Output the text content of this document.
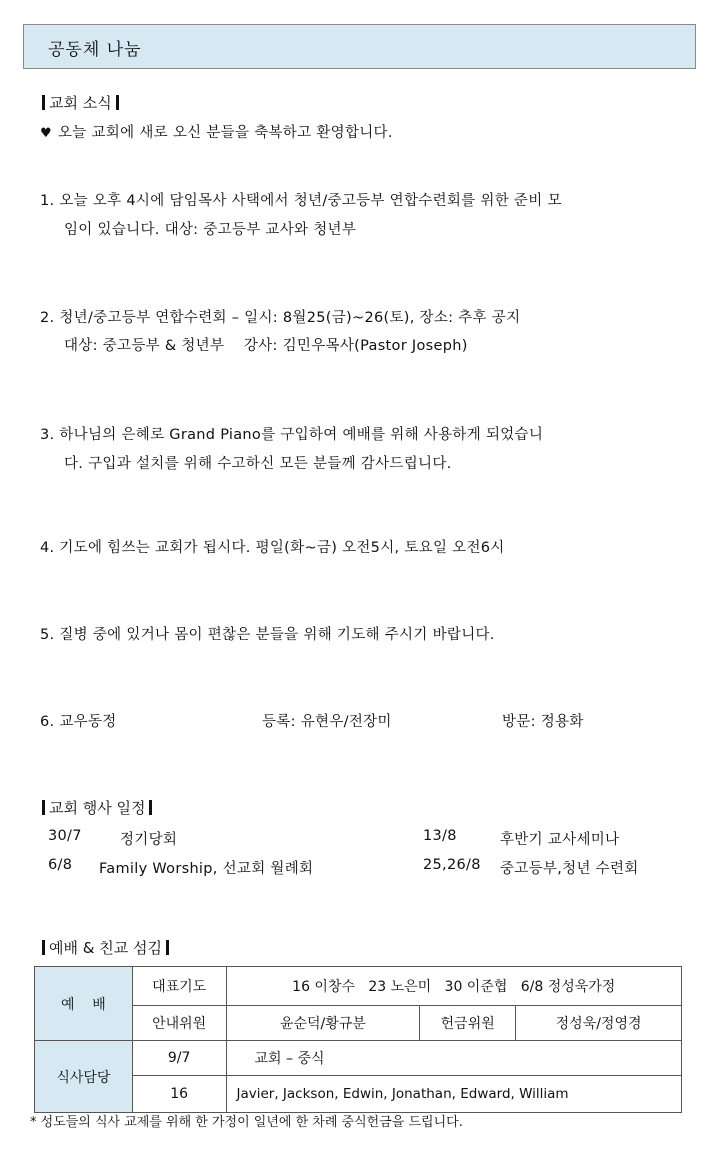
공동체 나눔
교회 소식
♥ 오늘 교회에 새로 오신 분들을 축복하고 환영합니다.
1. 오늘 오후 4시에 담임목사 사택에서 청년/중고등부 연합수련회를 위한 준비 모
임이 있습니다. 대상: 중고등부 교사와 청년부
2. 청년/중고등부 연합수련회 – 일시: 8월25(금)~26(토), 장소: 추후 공지
대상: 중고등부 & 청년부    강사: 김민우목사(Pastor Joseph)
3. 하나님의 은혜로 Grand Piano를 구입하여 예배를 위해 사용하게 되었습니
다. 구입과 설치를 위해 수고하신 모든 분들께 감사드립니다.
4. 기도에 힘쓰는 교회가 됩시다. 평일(화~금) 오전5시, 토요일 오전6시
5. 질병 중에 있거나 몸이 편찮은 분들을 위해 기도해 주시기 바랍니다.
6. 교우동정	등록: 유현우/전장미	방문: 정용화
교회 행사 일정
30/7	정기당회	13/8	후반기 교사세미나
6/8 Family Worship, 선교회 월례회	25,26/8 중고등부,청년 수련회
예배 & 친교 섬김
예    배	대표기도	16 이창수   23 노은미   30 이준협   6/8 정성욱가정		
	안내위원	윤순덕/황규분	헌금위원	정성욱/정영경
식사담당	9/7	교회 – 중식		
	16	Javier, Jackson, Edwin, Jonathan, Edward, William		
* 성도들의 식사 교제를 위해 한 가정이 일년에 한 차례 중식헌금을 드립니다.
